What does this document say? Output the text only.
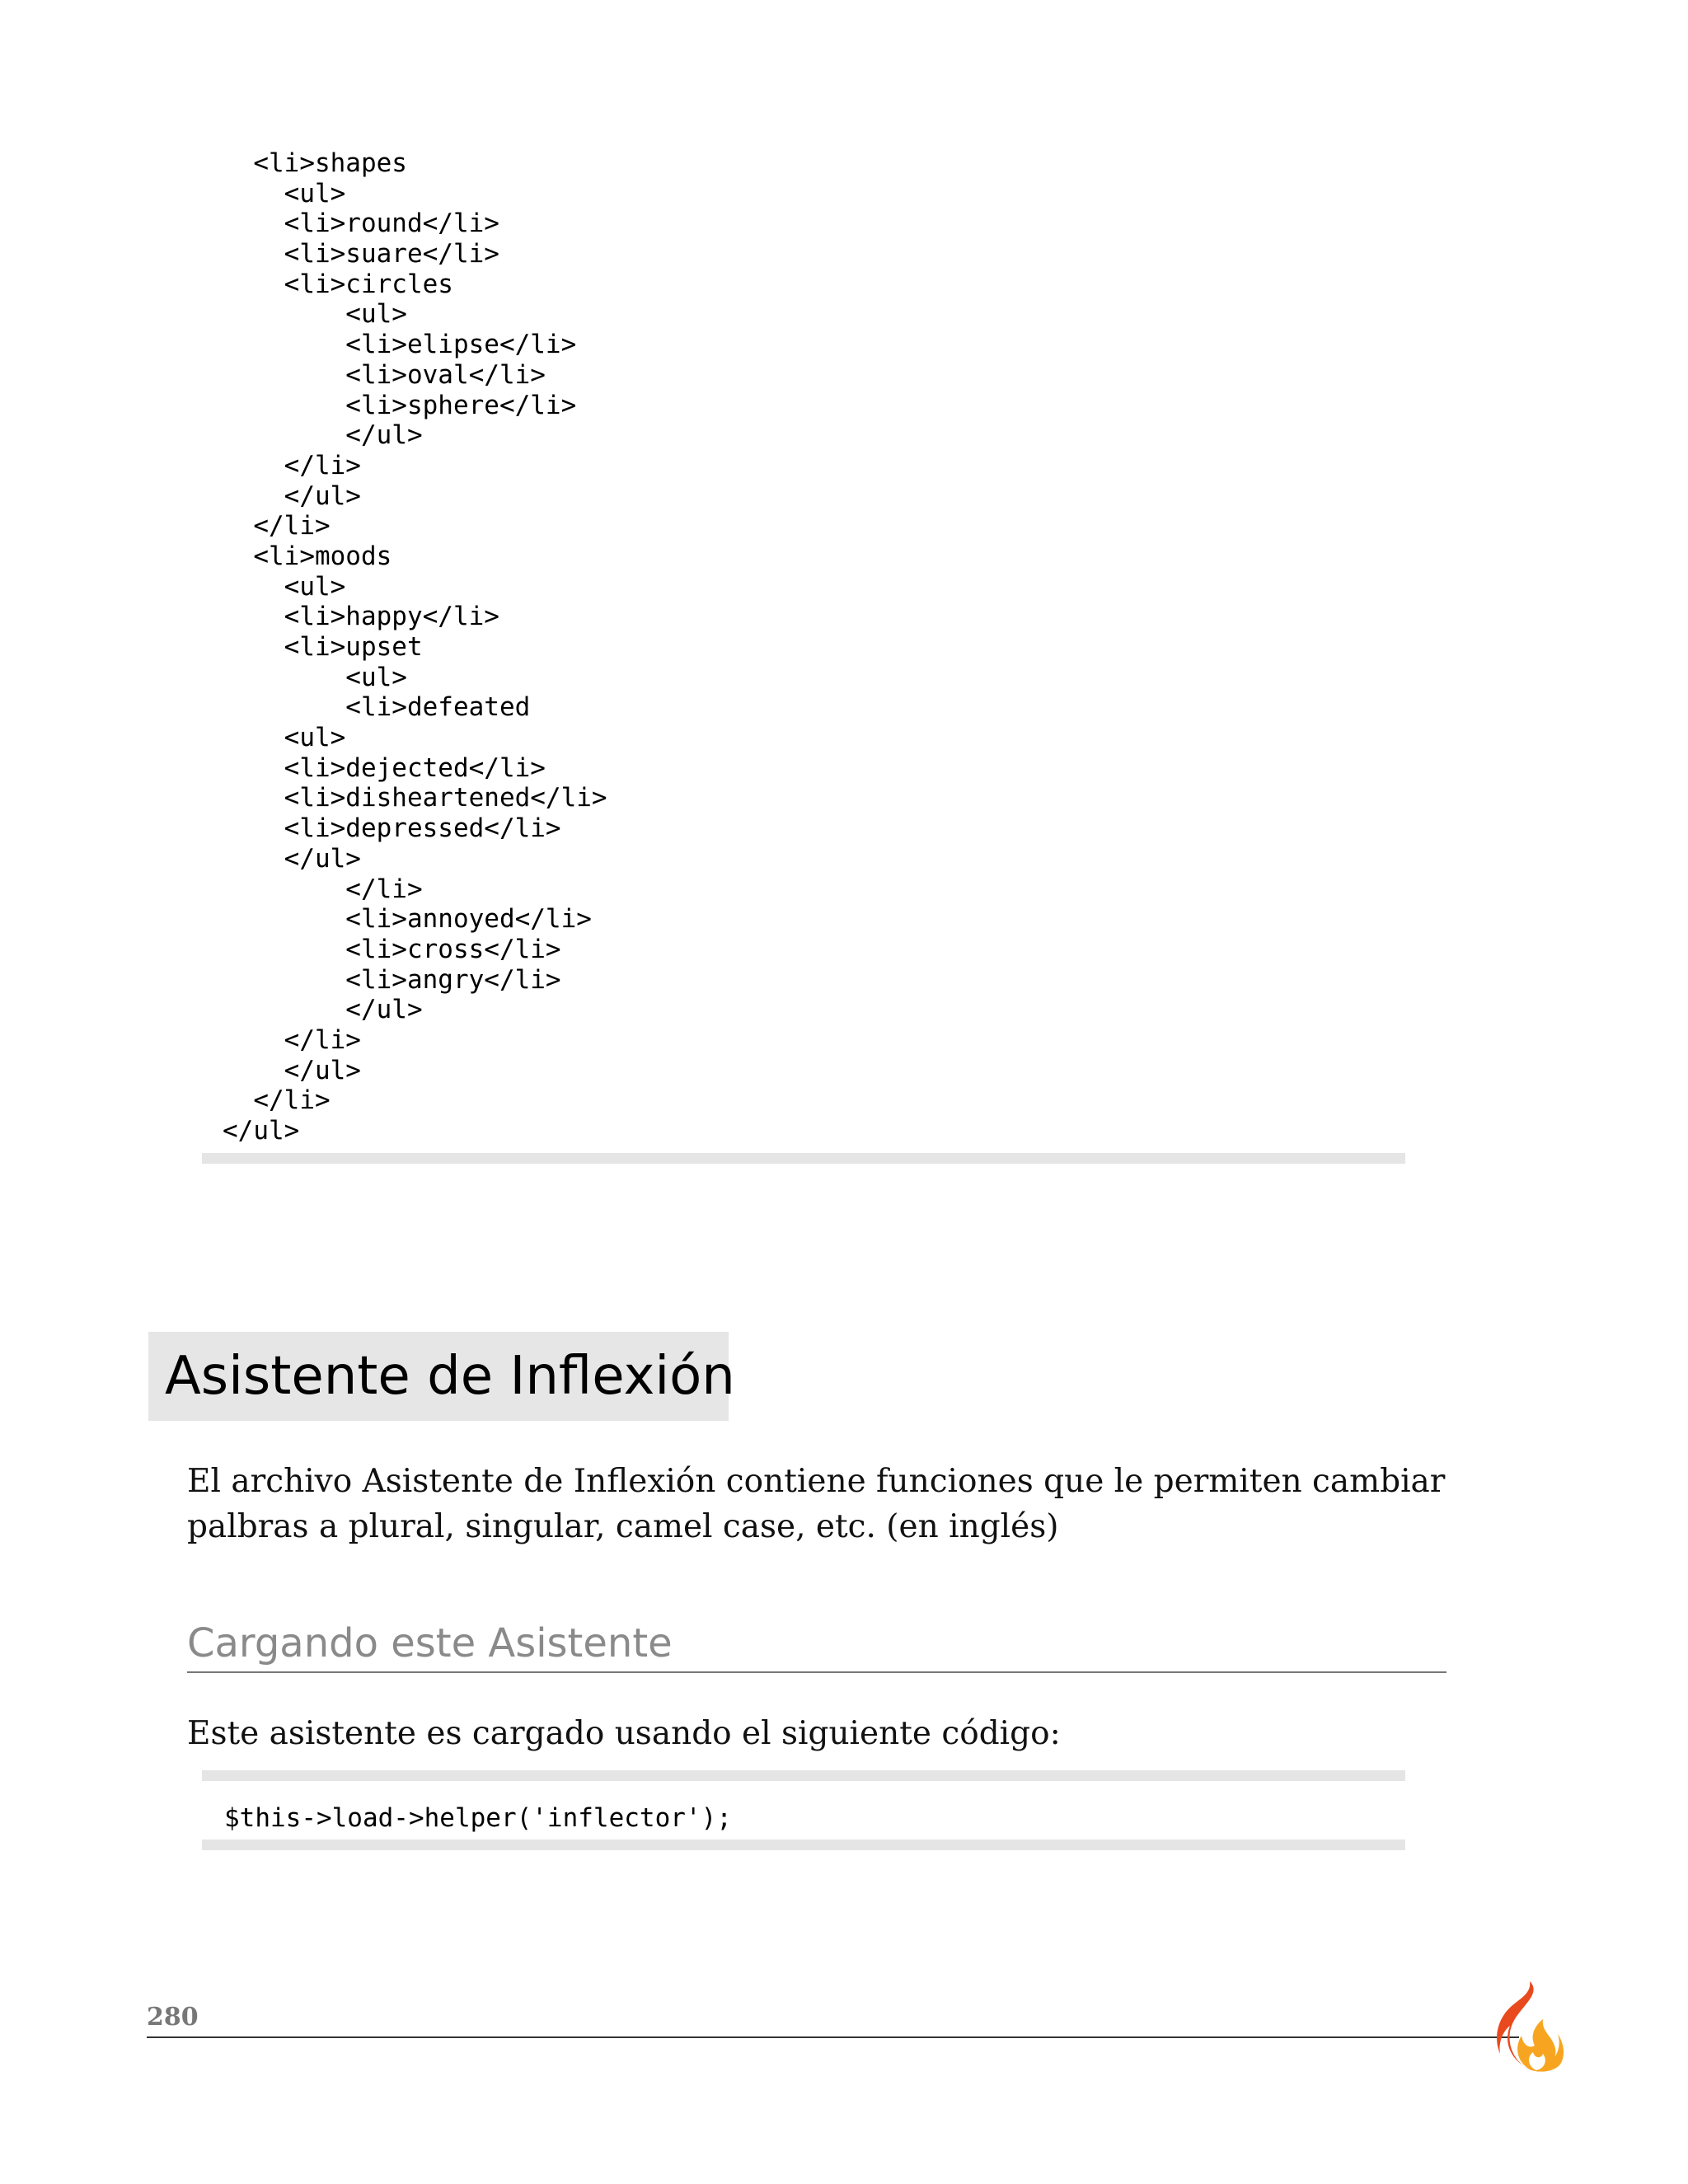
<li>shapes
<ul>
<li>round</li>
<li>suare</li>
<li>circles
<ul>
<li>elipse</li>
<li>oval</li>
<li>sphere</li>
</ul>
</li>
</ul>
</li>
<li>moods
<ul>
<li>happy</li>
<li>upset
<ul>
<li>defeated
<ul>
<li>dejected</li>
<li>disheartened</li>
<li>depressed</li>
</ul>
</li>
<li>annoyed</li>
<li>cross</li>
<li>angry</li>
</ul>
</li>
</ul>
</li>
</ul>
Asistente de Inflexión
El archivo Asistente de Inflexión contiene funciones que le permiten cambiar palbras a plural, singular, camel case, etc. (en inglés)
Cargando este Asistente
Este asistente es cargado usando el siguiente código:
$this->load->helper('inflector');
280
